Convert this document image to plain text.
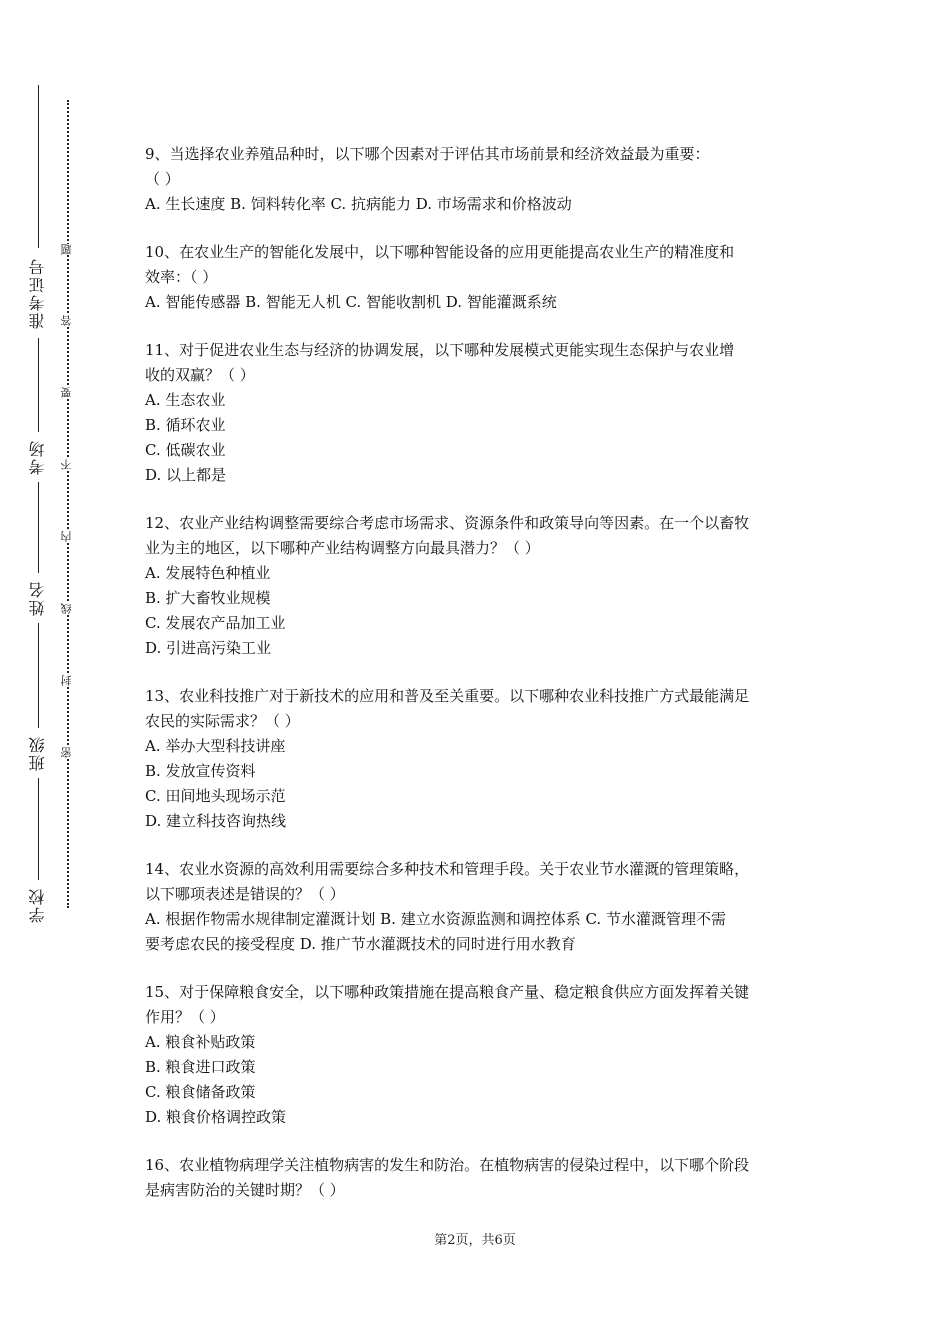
准考证号
考场
姓名
班级
学校
题
答
要
不
内
线
封
密
9、当选择农业养殖品种时，以下哪个因素对于评估其市场前景和经济效益最为重要：
（ ）
A. 生长速度 B. 饲料转化率 C. 抗病能力 D. 市场需求和价格波动
10、在农业生产的智能化发展中，以下哪种智能设备的应用更能提高农业生产的精准度和
效率：（ ）
A. 智能传感器 B. 智能无人机 C. 智能收割机 D. 智能灌溉系统
11、对于促进农业生态与经济的协调发展，以下哪种发展模式更能实现生态保护与农业增
收的双赢？（ ）
A. 生态农业
B. 循环农业
C. 低碳农业
D. 以上都是
12、农业产业结构调整需要综合考虑市场需求、资源条件和政策导向等因素。在一个以畜牧
业为主的地区，以下哪种产业结构调整方向最具潜力？（ ）
A. 发展特色种植业
B. 扩大畜牧业规模
C. 发展农产品加工业
D. 引进高污染工业
13、农业科技推广对于新技术的应用和普及至关重要。以下哪种农业科技推广方式最能满足
农民的实际需求？（ ）
A. 举办大型科技讲座
B. 发放宣传资料
C. 田间地头现场示范
D. 建立科技咨询热线
14、农业水资源的高效利用需要综合多种技术和管理手段。关于农业节水灌溉的管理策略，
以下哪项表述是错误的？（ ）
A. 根据作物需水规律制定灌溉计划 B. 建立水资源监测和调控体系 C. 节水灌溉管理不需
要考虑农民的接受程度 D. 推广节水灌溉技术的同时进行用水教育
15、对于保障粮食安全，以下哪种政策措施在提高粮食产量、稳定粮食供应方面发挥着关键
作用？（ ）
A. 粮食补贴政策
B. 粮食进口政策
C. 粮食储备政策
D. 粮食价格调控政策
16、农业植物病理学关注植物病害的发生和防治。在植物病害的侵染过程中，以下哪个阶段
是病害防治的关键时期？（ ）
第2页，共6页
